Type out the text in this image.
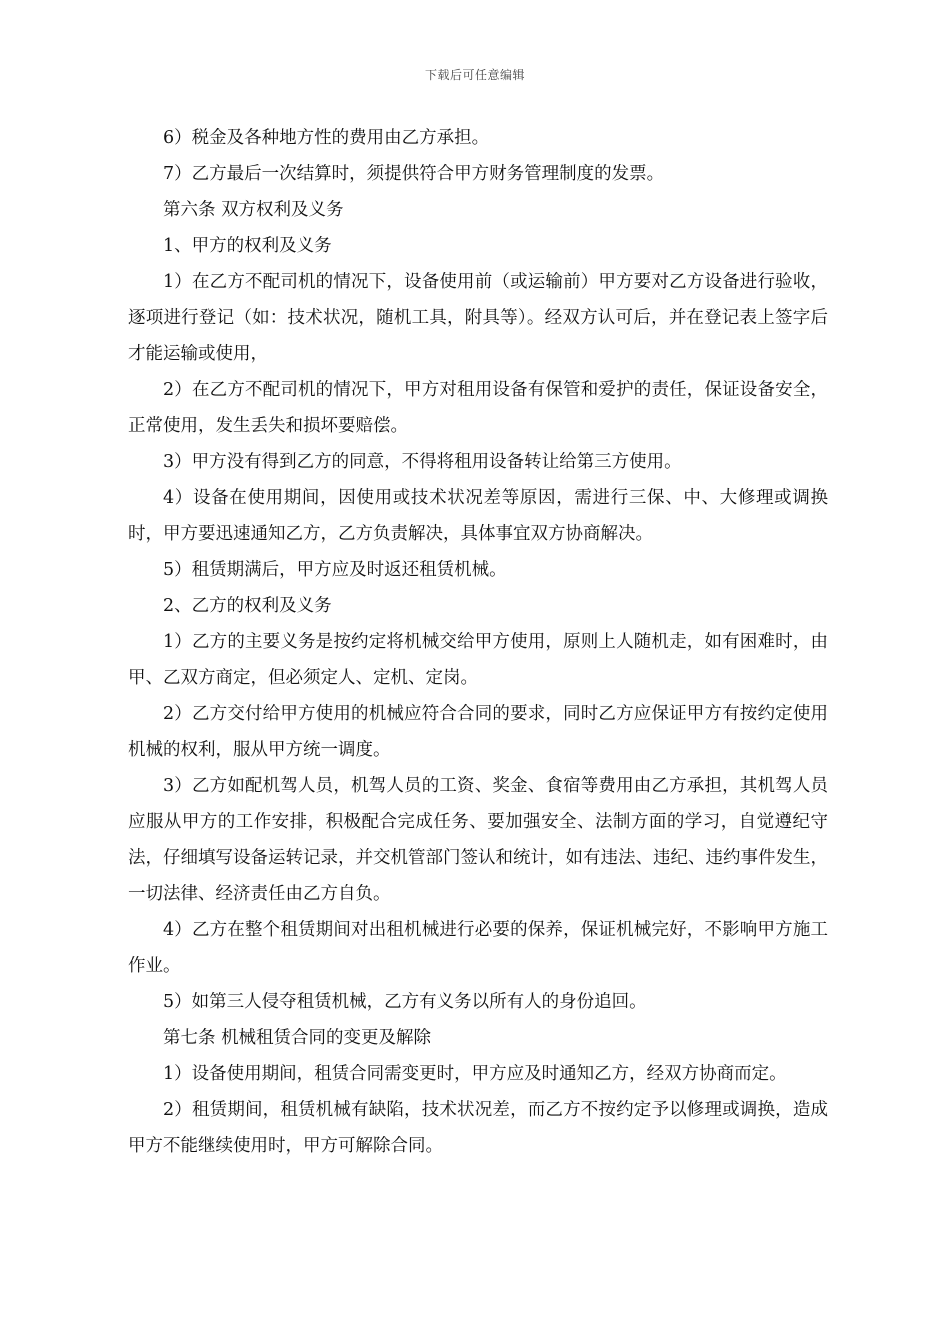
下载后可任意编辑

6）税金及各种地方性的费用由乙方承担。

7）乙方最后一次结算时，须提供符合甲方财务管理制度的发票。

第六条 双方权利及义务

1、甲方的权利及义务

1）在乙方不配司机的情况下，设备使用前（或运输前）甲方要对乙方设备进行验收，逐项进行登记（如：技术状况，随机工具，附具等）。经双方认可后，并在登记表上签字后才能运输或使用，

2）在乙方不配司机的情况下，甲方对租用设备有保管和爱护的责任，保证设备安全，正常使用，发生丢失和损坏要赔偿。

3）甲方没有得到乙方的同意，不得将租用设备转让给第三方使用。

4）设备在使用期间，因使用或技术状况差等原因，需进行三保、中、大修理或调换时，甲方要迅速通知乙方，乙方负责解决，具体事宜双方协商解决。

5）租赁期满后，甲方应及时返还租赁机械。

2、乙方的权利及义务

1）乙方的主要义务是按约定将机械交给甲方使用，原则上人随机走，如有困难时，由甲、乙双方商定，但必须定人、定机、定岗。

2）乙方交付给甲方使用的机械应符合合同的要求，同时乙方应保证甲方有按约定使用机械的权利，服从甲方统一调度。

3）乙方如配机驾人员，机驾人员的工资、奖金、食宿等费用由乙方承担，其机驾人员应服从甲方的工作安排，积极配合完成任务、要加强安全、法制方面的学习，自觉遵纪守法，仔细填写设备运转记录，并交机管部门签认和统计，如有违法、违纪、违约事件发生，一切法律、经济责任由乙方自负。

4）乙方在整个租赁期间对出租机械进行必要的保养，保证机械完好，不影响甲方施工作业。

5）如第三人侵夺租赁机械，乙方有义务以所有人的身份追回。

第七条 机械租赁合同的变更及解除

1）设备使用期间，租赁合同需变更时，甲方应及时通知乙方，经双方协商而定。

2）租赁期间，租赁机械有缺陷，技术状况差，而乙方不按约定予以修理或调换，造成甲方不能继续使用时，甲方可解除合同。
